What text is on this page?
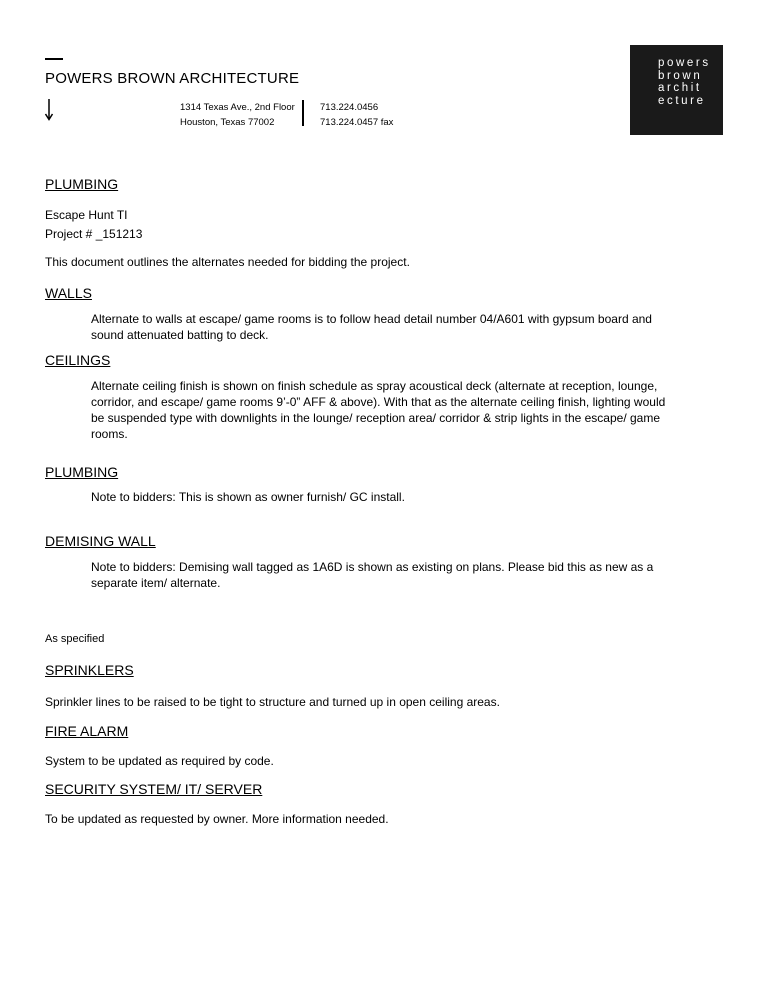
POWERS BROWN ARCHITECTURE
1314 Texas Ave., 2nd Floor
Houston, Texas 77002
713.224.0456
713.224.0457 fax
powers
brown
archit
ecture
PLUMBING
Escape Hunt TI
Project # _151213
This document outlines the alternates needed for bidding the project.
WALLS
Alternate to walls at escape/ game rooms is to follow head detail number 04/A601 with gypsum board and sound attenuated batting to deck.
CEILINGS
Alternate ceiling finish is shown on finish schedule as spray acoustical deck (alternate at reception, lounge, corridor, and escape/ game rooms 9’-0” AFF & above). With that as the alternate ceiling finish, lighting would be suspended type with downlights in the lounge/ reception area/ corridor & strip lights in the escape/ game rooms.
PLUMBING
Note to bidders: This is shown as owner furnish/ GC install.
DEMISING WALL
Note to bidders: Demising wall tagged as 1A6D is shown as existing on plans. Please bid this as new as a separate item/ alternate.
As specified
SPRINKLERS
Sprinkler lines to be raised to be tight to structure and turned up in open ceiling areas.
FIRE ALARM
System to be updated as required by code.
SECURITY SYSTEM/ IT/ SERVER
To be updated as requested by owner. More information needed.
